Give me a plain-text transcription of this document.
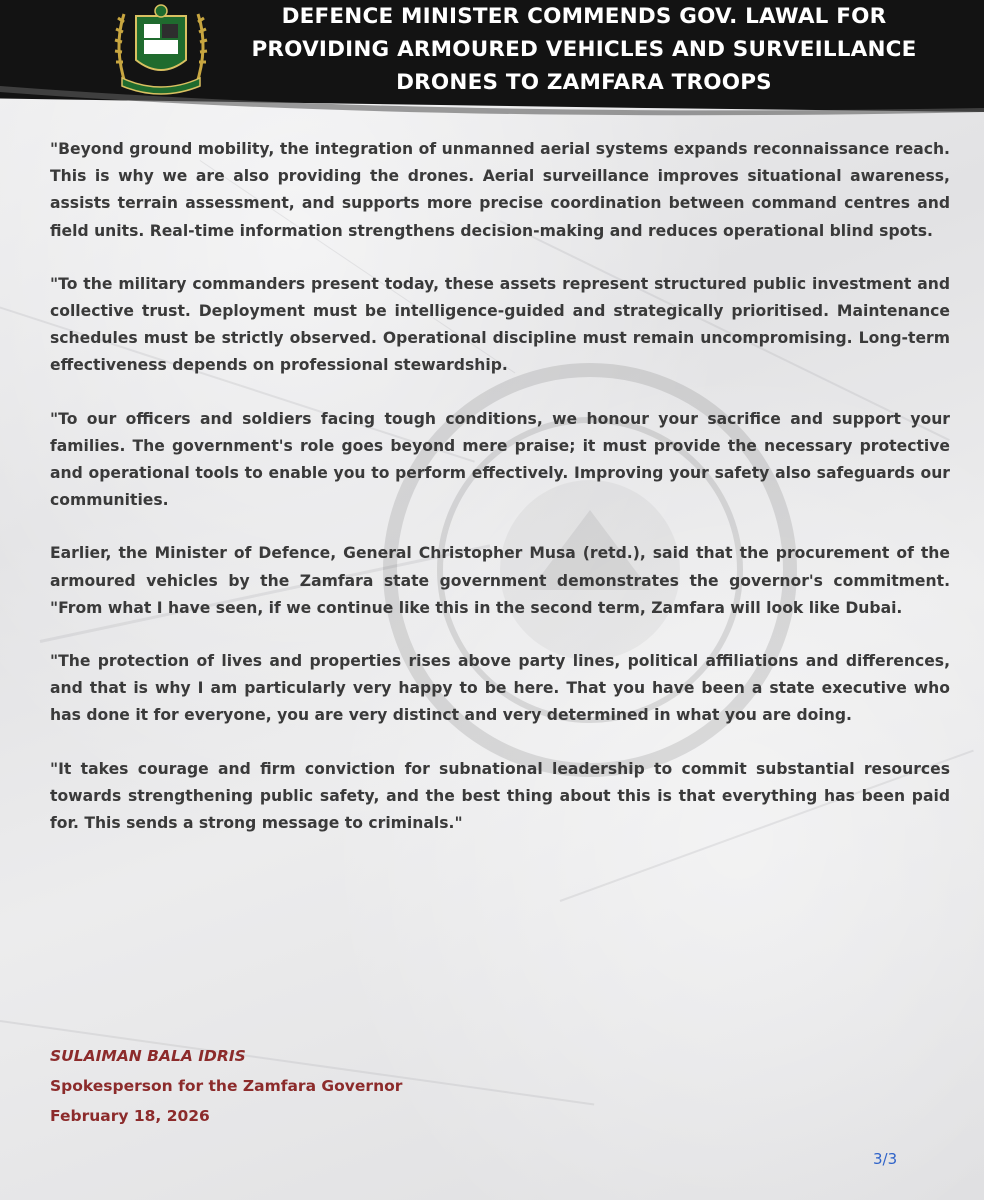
DEFENCE MINISTER COMMENDS GOV. LAWAL FOR
PROVIDING ARMOURED VEHICLES AND SURVEILLANCE
DRONES TO ZAMFARA TROOPS

"Beyond ground mobility, the integration of unmanned aerial systems expands reconnaissance reach. This is why we are also providing the drones. Aerial surveillance improves situational awareness, assists terrain assessment, and supports more precise coordination between command centres and field units. Real-time information strengthens decision-making and reduces operational blind spots.

"To the military commanders present today, these assets represent structured public investment and collective trust. Deployment must be intelligence-guided and strategically prioritised. Maintenance schedules must be strictly observed. Operational discipline must remain uncompromising. Long-term effectiveness depends on professional stewardship.

"To our officers and soldiers facing tough conditions, we honour your sacrifice and support your families. The government's role goes beyond mere praise; it must provide the necessary protective and operational tools to enable you to perform effectively. Improving your safety also safeguards our communities.

Earlier, the Minister of Defence, General Christopher Musa (retd.), said that the procurement of the armoured vehicles by the Zamfara state government demonstrates the governor's commitment. "From what I have seen, if we continue like this in the second term, Zamfara will look like Dubai.

"The protection of lives and properties rises above party lines, political affiliations and differences, and that is why I am particularly very happy to be here. That you have been a state executive who has done it for everyone, you are very distinct and very determined in what you are doing.

"It takes courage and firm conviction for subnational leadership to commit substantial resources towards strengthening public safety, and the best thing about this is that everything has been paid for. This sends a strong message to criminals."

SULAIMAN BALA IDRIS
Spokesperson for the Zamfara Governor
February 18, 2026
3/3
